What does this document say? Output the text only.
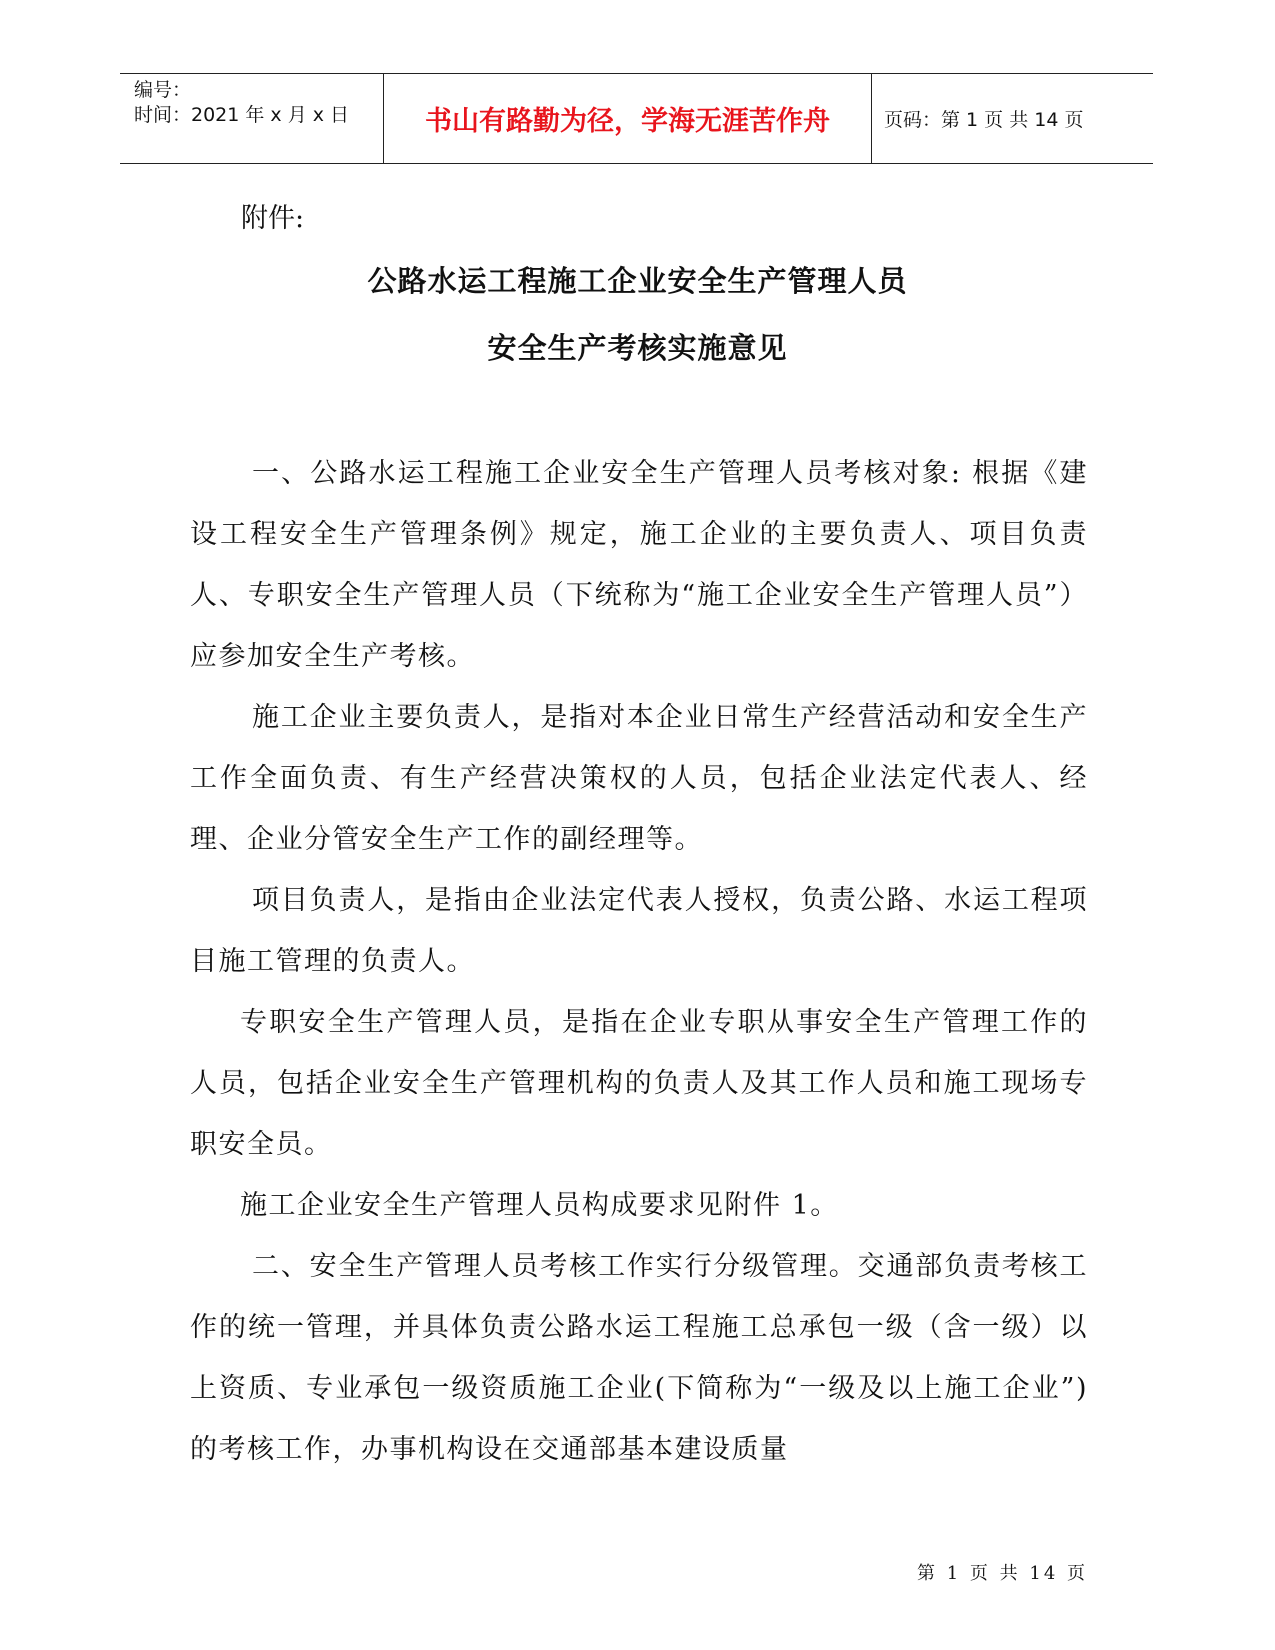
编号：
时间：2021 年 x 月 x 日	书山有路勤为径，学海无涯苦作舟	页码：第 1 页 共 14 页
附件:
公路水运工程施工企业安全生产管理人员
安全生产考核实施意见

一、公路水运工程施工企业安全生产管理人员考核对象: 根据《建设工程安全生产管理条例》规定，施工企业的主要负责人、项目负责人、专职安全生产管理人员（下统称为“施工企业安全生产管理人员”）应参加安全生产考核。

施工企业主要负责人，是指对本企业日常生产经营活动和安全生产工作全面负责、有生产经营决策权的人员，包括企业法定代表人、经理、企业分管安全生产工作的副经理等。

项目负责人，是指由企业法定代表人授权，负责公路、水运工程项目施工管理的负责人。

专职安全生产管理人员，是指在企业专职从事安全生产管理工作的人员，包括企业安全生产管理机构的负责人及其工作人员和施工现场专职安全员。

施工企业安全生产管理人员构成要求见附件 1。

二、安全生产管理人员考核工作实行分级管理。交通部负责考核工作的统一管理，并具体负责公路水运工程施工总承包一级（含一级）以上资质、专业承包一级资质施工企业(下简称为“一级及以上施工企业”)的考核工作，办事机构设在交通部基本建设质量

第 1 页 共 14 页
